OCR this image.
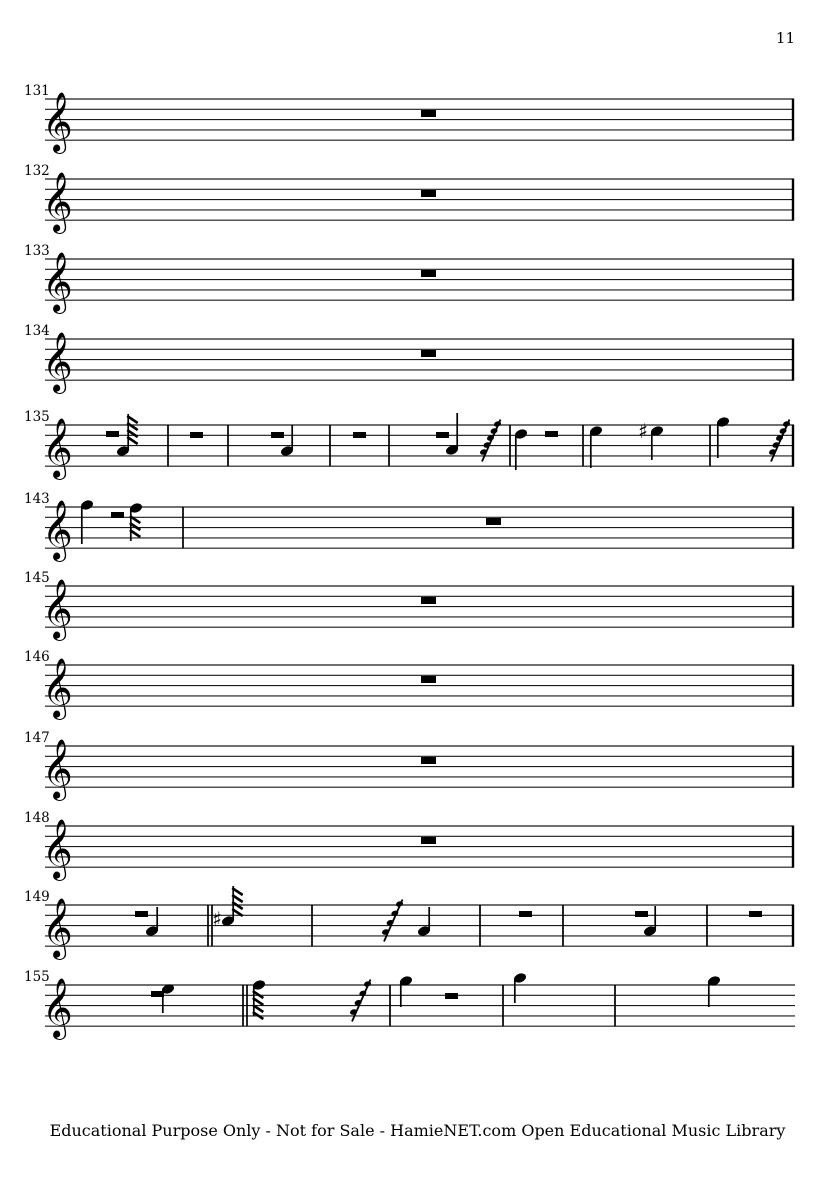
11
131
𝄞
132
𝄞
133
𝄞
134
𝄞
135
𝄞	♯
143
𝄞
145
𝄞
146
𝄞
147
𝄞
148
𝄞
149
𝄞	♯
155
𝄞
Educational Purpose Only - Not for Sale - HamieNET.com Open Educational Music Library
